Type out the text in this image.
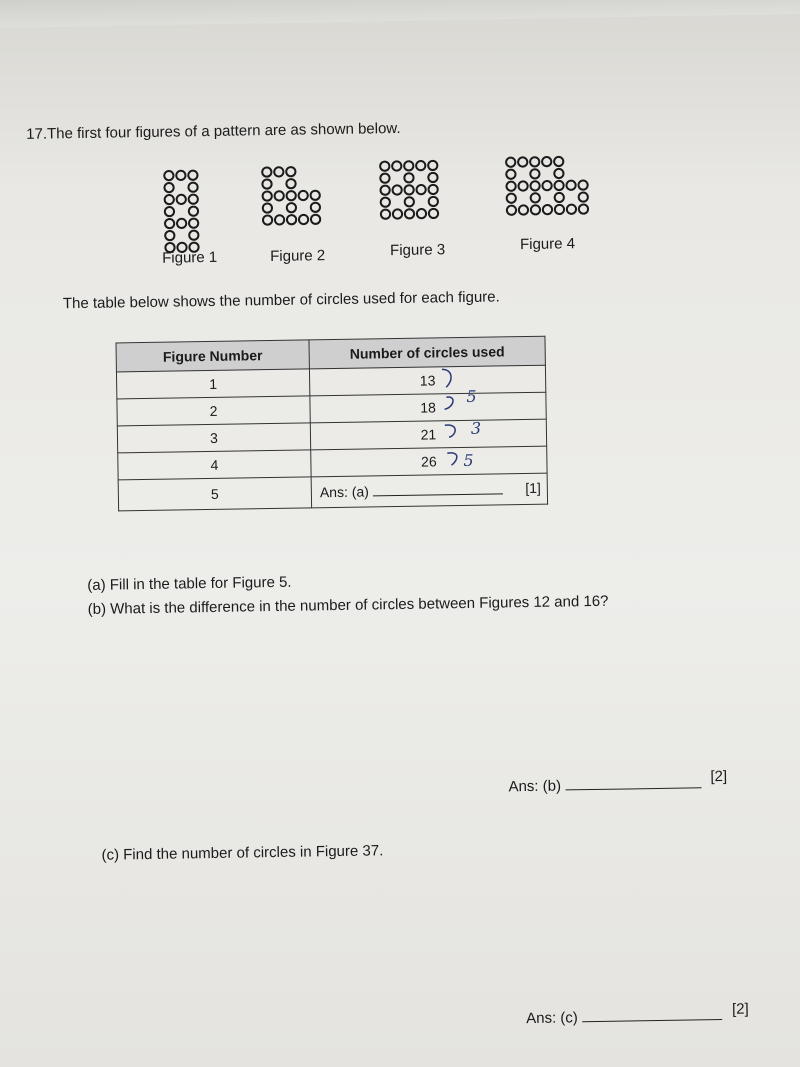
17.The first four figures of a pattern are as shown below.
Figure 1	Figure 2	Figure 3	Figure 4
The table below shows the number of circles used for each figure.
Figure Number	Number of circles used
1	13
2	18
3	21
4	26
5	Ans: (a) [1]
5
3
5
(a) Fill in the table for Figure 5.
(b) What is the difference in the number of circles between Figures 12 and 16?
Ans: (b)
[2]
(c) Find the number of circles in Figure 37.
Ans: (c)
[2]
